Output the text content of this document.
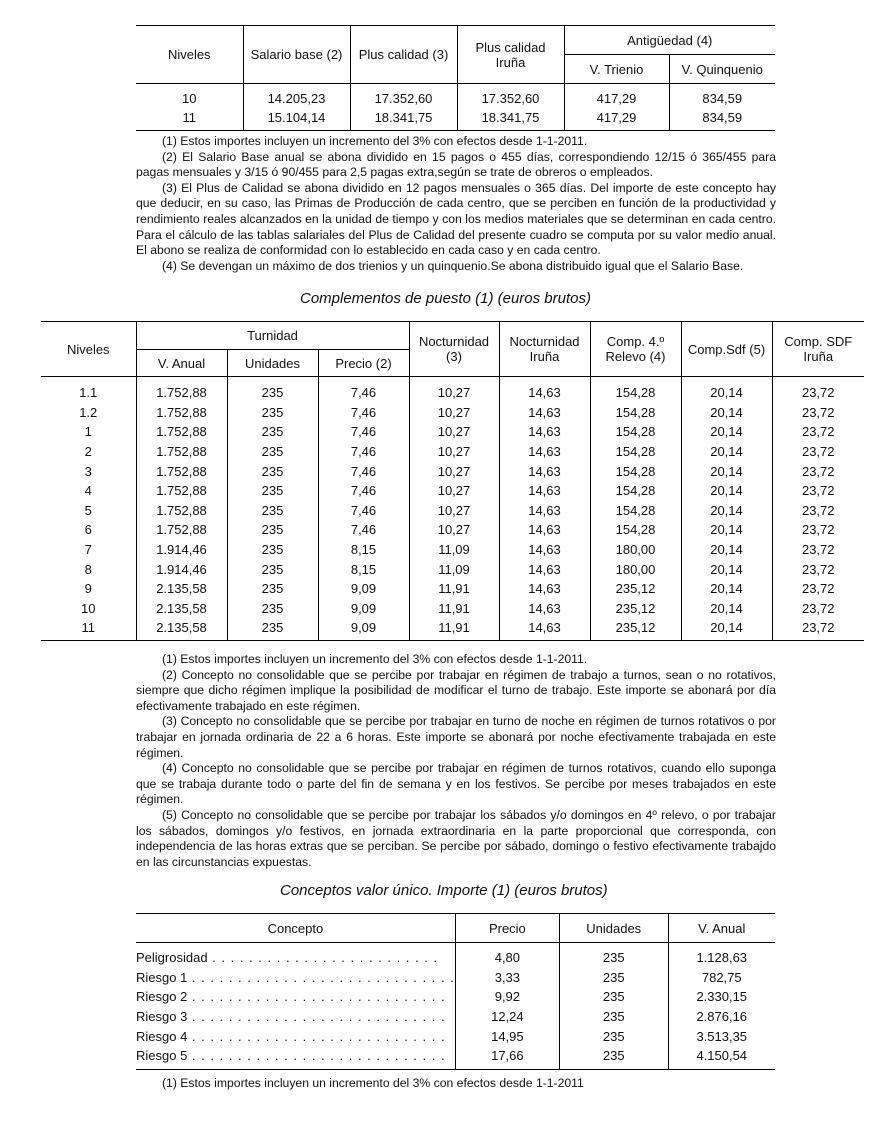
Niveles	Salario base (2)	Plus calidad (3)	Plus calidad Iruña	Antigüedad (4)	
				V. Trienio	V. Quinquenio
10	14.205,23	17.352,60	17.352,60	417,29	834,59
11	15.104,14	18.341,75	18.341,75	417,29	834,59

(1) Estos importes incluyen un incremento del 3% con efectos desde 1-1-2011.

(2) El Salario Base anual se abona dividido en 15 pagos o 455 días, correspondiendo 12/15 ó 365/455 para pagas mensuales y 3/15 ó 90/455 para 2,5 pagas extra,según se trate de obreros o empleados.

(3) El Plus de Calidad se abona dividido en 12 pagos mensuales o 365 días. Del importe de este concepto hay que deducir, en su caso, las Primas de Producción de cada centro, que se perciben en función de la productividad y rendimiento reales alcanzados en la unidad de tiempo y con los medios materiales que se determinan en cada centro. Para el cálculo de las tablas salariales del Plus de Calidad del presente cuadro se computa por su valor medio anual. El abono se realiza de conformidad con lo establecido en cada caso y en cada centro.

(4) Se devengan un máximo de dos trienios y un quinquenio.Se abona distribuido igual que el Salario Base.

Complementos de puesto (1) (euros brutos)
Niveles	Turnidad			Nocturnidad (3)	Nocturnidad Iruña	Comp. 4.º Relevo (4)	Comp.Sdf (5)	Comp. SDF Iruña
	V. Anual	Unidades	Precio (2)					
1.1	1.752,88	235	7,46	10,27	14,63	154,28	20,14	23,72
1.2	1.752,88	235	7,46	10,27	14,63	154,28	20,14	23,72
1	1.752,88	235	7,46	10,27	14,63	154,28	20,14	23,72
2	1.752,88	235	7,46	10,27	14,63	154,28	20,14	23,72
3	1.752,88	235	7,46	10,27	14,63	154,28	20,14	23,72
4	1.752,88	235	7,46	10,27	14,63	154,28	20,14	23,72
5	1.752,88	235	7,46	10,27	14,63	154,28	20,14	23,72
6	1.752,88	235	7,46	10,27	14,63	154,28	20,14	23,72
7	1.914,46	235	8,15	11,09	14,63	180,00	20,14	23,72
8	1.914,46	235	8,15	11,09	14,63	180,00	20,14	23,72
9	2.135,58	235	9,09	11,91	14,63	235,12	20,14	23,72
10	2.135,58	235	9,09	11,91	14,63	235,12	20,14	23,72
11	2.135,58	235	9,09	11,91	14,63	235,12	20,14	23,72

(1) Estos importes incluyen un incremento del 3% con efectos desde 1-1-2011.

(2) Concepto no consolidable que se percibe por trabajar en régimen de trabajo a turnos, sean o no rotativos, siempre que dicho régimen implique la posibilidad de modificar el turno de trabajo. Este importe se abonará por día efectivamente trabajado en este régimen.

(3) Concepto no consolidable que se percibe por trabajar en turno de noche en régimen de turnos rotativos o por trabajar en jornada ordinaria de 22 a 6 horas. Este importe se abonará por noche efectivamente trabajada en este régimen.

(4) Concepto no consolidable que se percibe por trabajar en régimen de turnos rotativos, cuando ello suponga que se trabaja durante todo o parte del fin de semana y en los festivos. Se percibe por meses trabajados en este régimen.

(5) Concepto no consolidable que se percibe por trabajar los sábados y/o domingos en 4º relevo, o por trabajar los sábados, domingos y/o festivos, en jornada extraordinaria en la parte proporcional que corresponda, con independencia de las horas extras que se perciban. Se percibe por sábado, domingo o festivo efectivamente trabajdo en las circunstancias expuestas.

Conceptos valor único. Importe (1) (euros brutos)
Concepto	Precio	Unidades	V. Anual
Peligrosidad . . . . . . . . . . . . . . . . . . . . . . . . .	4,80	235	1.128,63
Riesgo 1 . . . . . . . . . . . . . . . . . . . . . . . . . . . . .	3,33	235	782,75
Riesgo 2 . . . . . . . . . . . . . . . . . . . . . . . . . . . .	9,92	235	2.330,15
Riesgo 3 . . . . . . . . . . . . . . . . . . . . . . . . . . . .	12,24	235	2.876,16
Riesgo 4 . . . . . . . . . . . . . . . . . . . . . . . . . . . .	14,95	235	3.513,35
Riesgo 5 . . . . . . . . . . . . . . . . . . . . . . . . . . . .	17,66	235	4.150,54

(1) Estos importes incluyen un incremento del 3% con efectos desde 1-1-2011
